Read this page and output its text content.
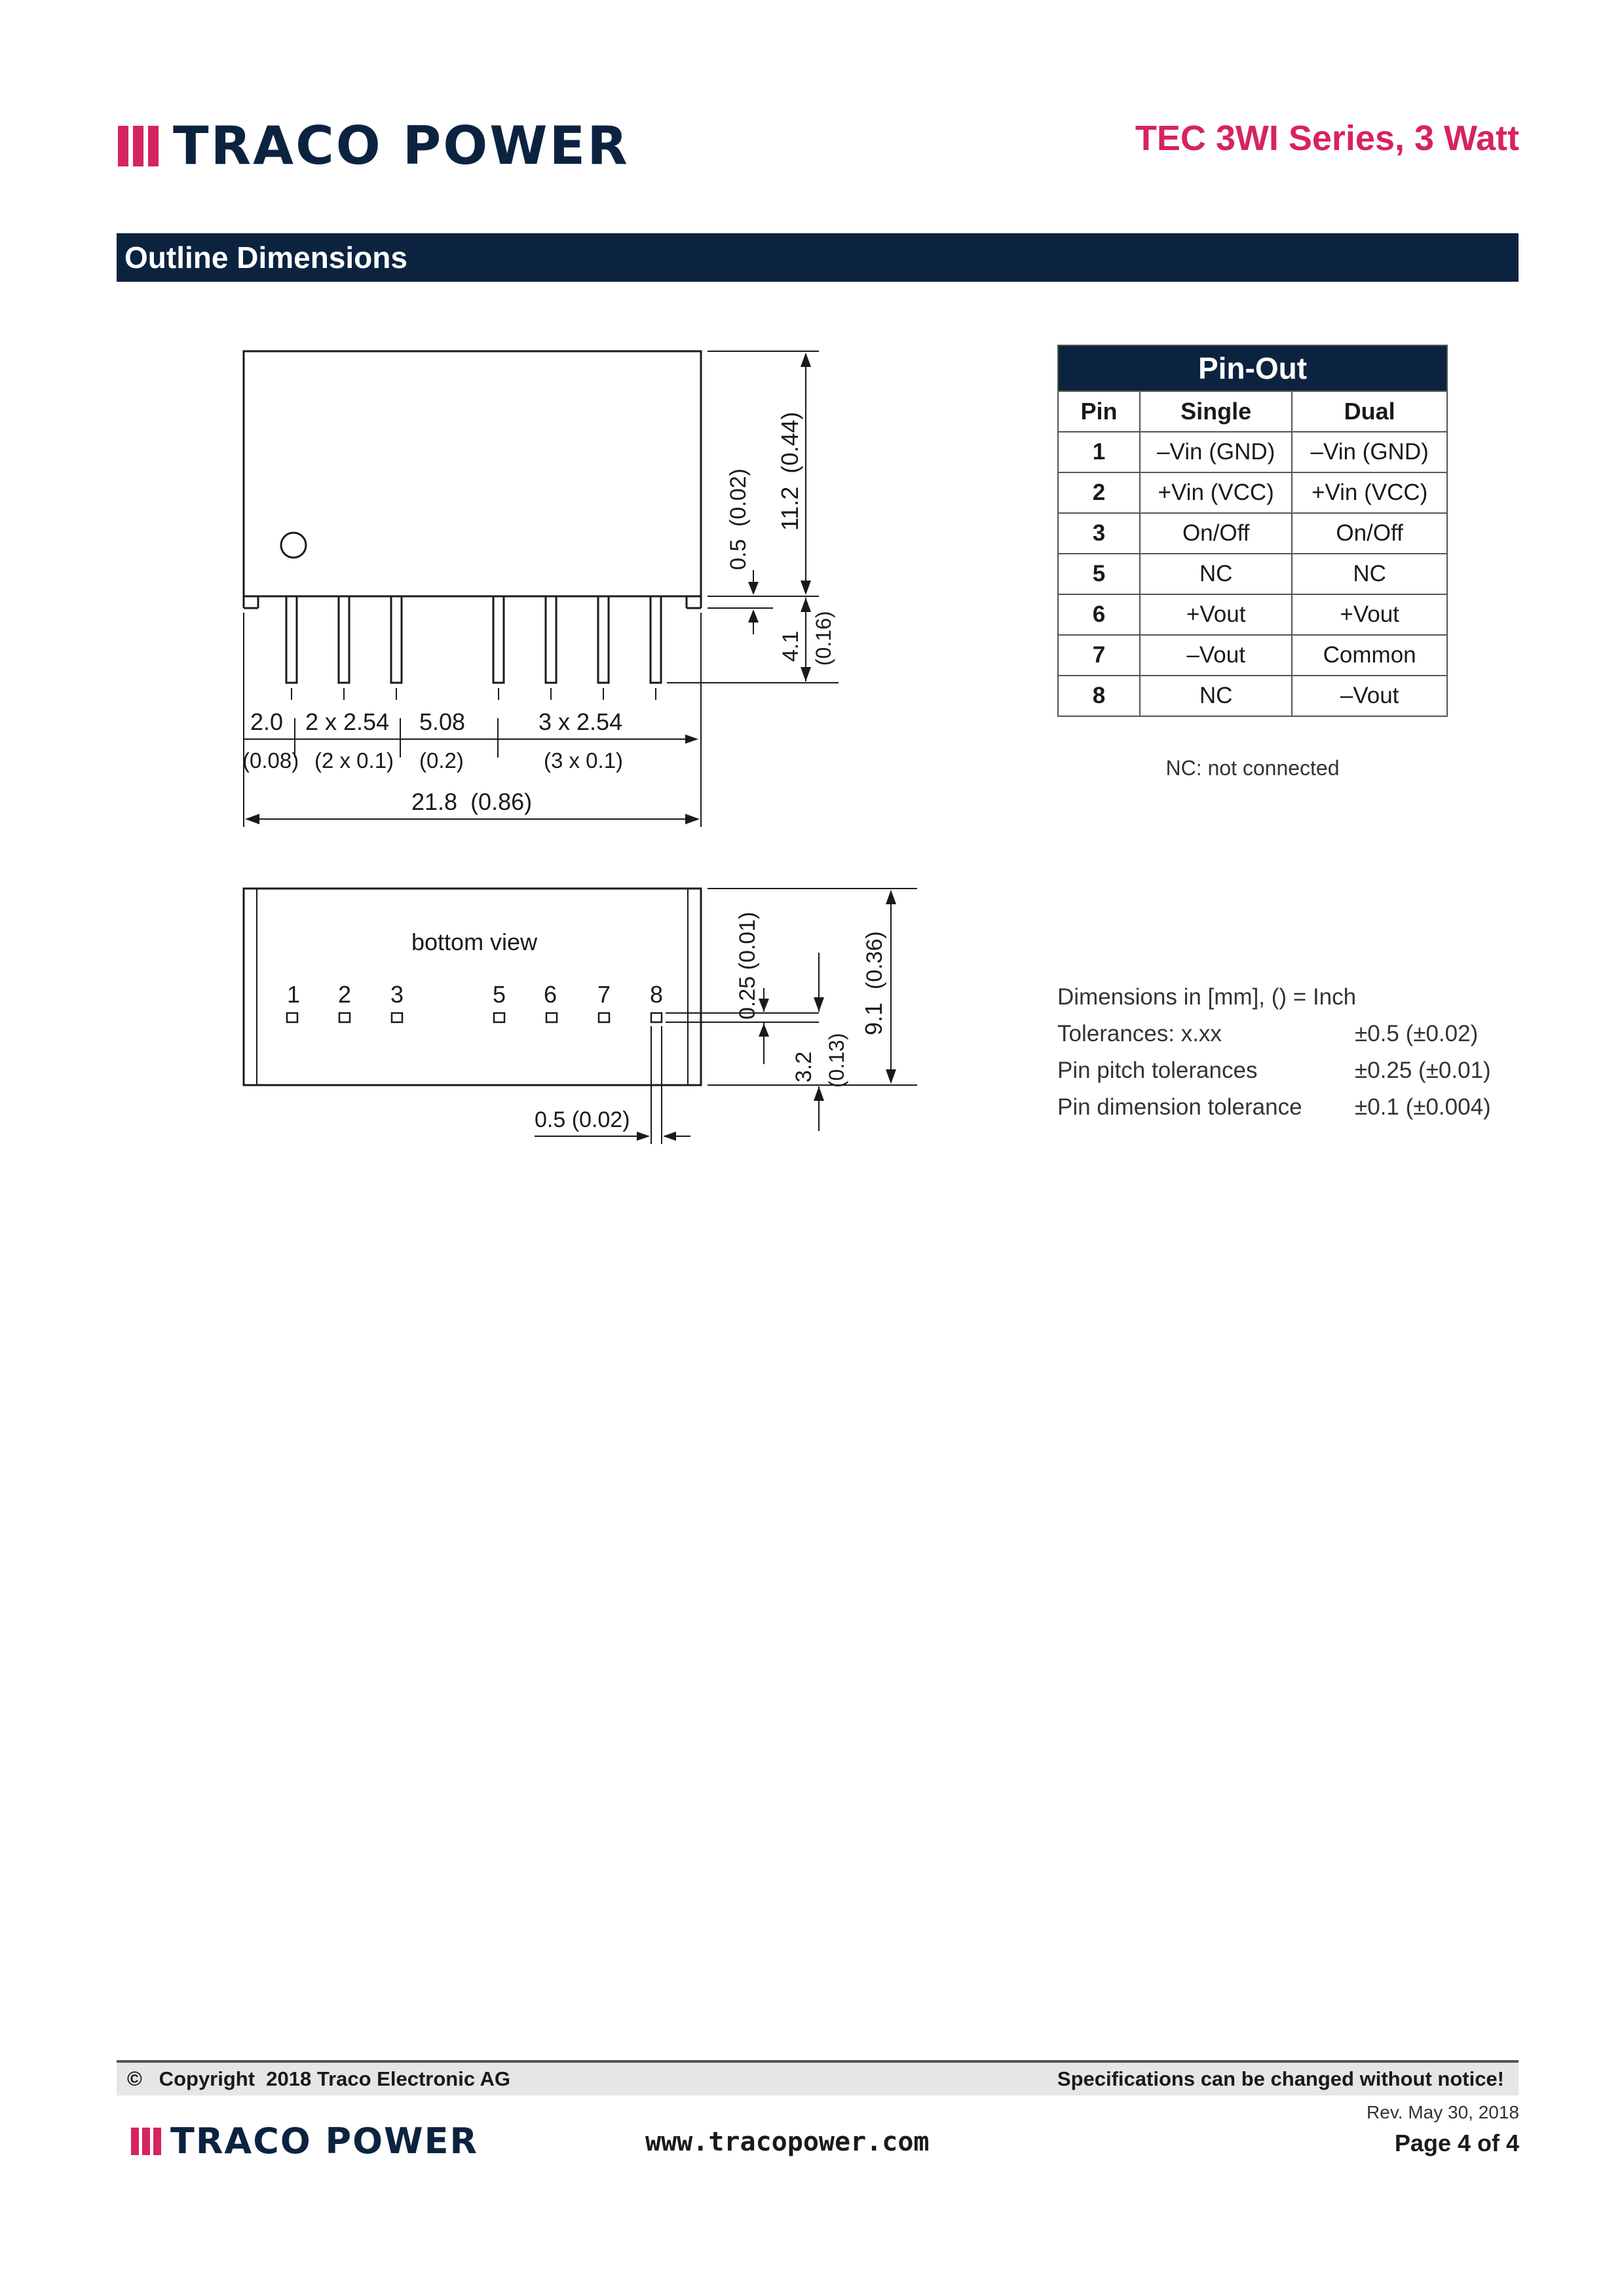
TRACO POWER	TEC 3WI Series, 3 Watt
Outline Dimensions
2.0 2 x 2.54 5.08	3 x 2.54
(0.08) (2 x 0.1) (0.2)	(3 x 0.1)
21.8  (0.86)
0.5  (0.02) 11.2  (0.44)
4.1 (0.16)
bottom view
1 2 3	5 6 7 8
0.5 (0.02)
0.25 (0.01)
3.2 (0.13)
9.1
(0.36)
Pin-Out		
Pin	Single	Dual
1	–Vin (GND)	–Vin (GND)
2	+Vin (VCC)	+Vin (VCC)
3	On/Off	On/Off
5	NC	NC
6	+Vout	+Vout
7	–Vout	Common
8	NC	–Vout
NC: not connected
Dimensions in [mm], () = Inch
Tolerances: x.xx	±0.5 (±0.02)
Pin pitch tolerances	±0.25 (±0.01)
Pin dimension tolerance ±0.1 (±0.004)
©   Copyright  2018 Traco Electronic AG	Specifications can be changed without notice!
TRACO POWER	www.tracopower.com
Rev. May 30, 2018
Page 4 of 4
